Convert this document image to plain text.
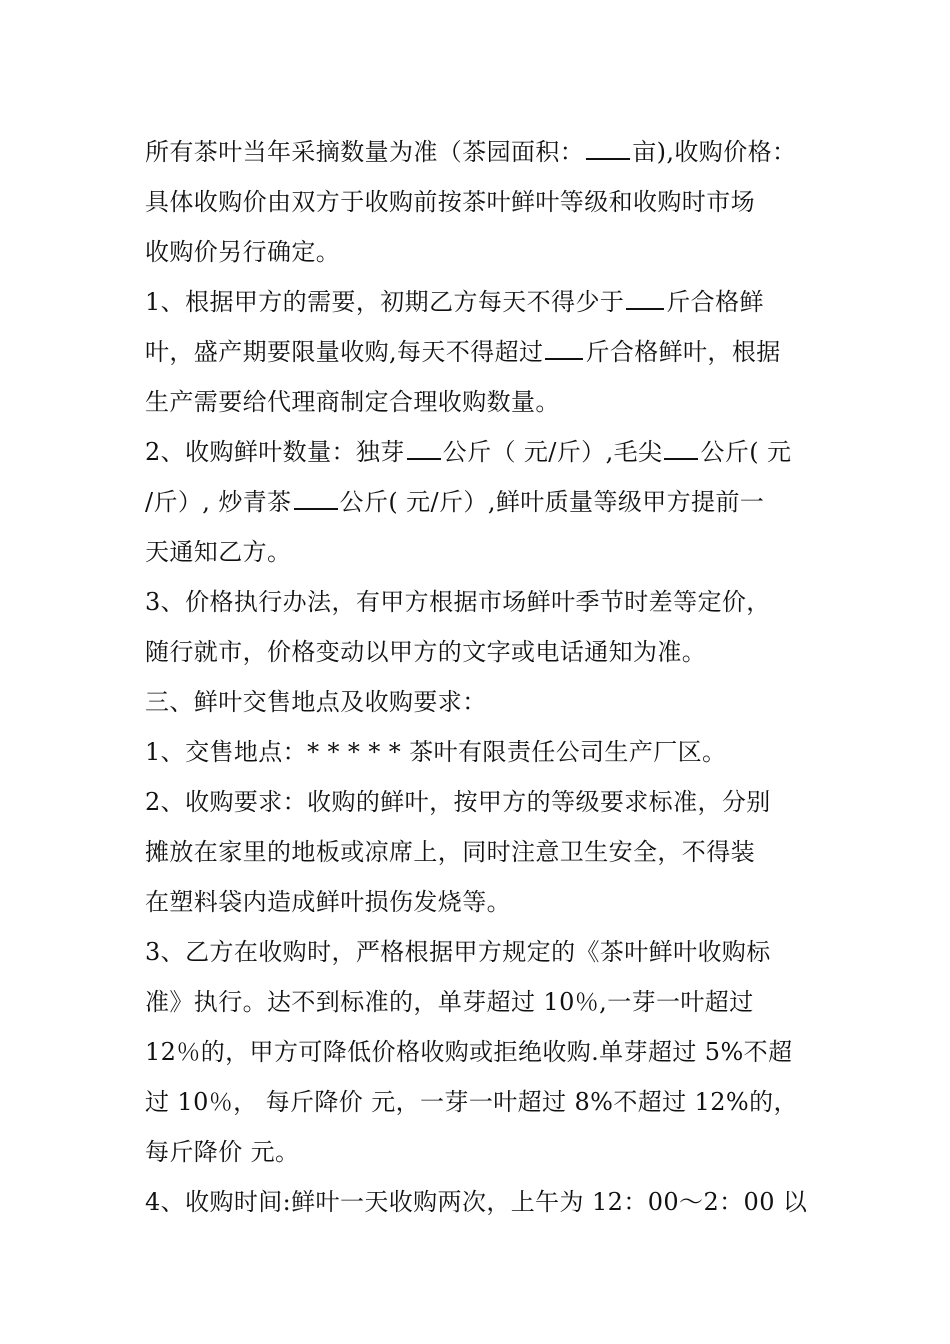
所有茶叶当年采摘数量为准（茶园面积： 亩),收购价格：
具体收购价由双方于收购前按茶叶鲜叶等级和收购时市场
收购价另行确定。
1、根据甲方的需要，初期乙方每天不得少于 斤合格鲜
叶，盛产期要限量收购,每天不得超过 斤合格鲜叶，根据
生产需要给代理商制定合理收购数量。
2、收购鲜叶数量：独芽 公斤（ 元/斤）,毛尖 公斤( 元
/斤）, 炒青茶 公斤( 元/斤）,鲜叶质量等级甲方提前一
天通知乙方。
3、价格执行办法，有甲方根据市场鲜叶季节时差等定价，
随行就市，价格变动以甲方的文字或电话通知为准。
三、鲜叶交售地点及收购要求：
1、交售地点：* * * * * 茶叶有限责任公司生产厂区。
2、收购要求：收购的鲜叶，按甲方的等级要求标准，分别
摊放在家里的地板或凉席上，同时注意卫生安全，不得装
在塑料袋内造成鲜叶损伤发烧等。
3、乙方在收购时，严格根据甲方规定的《茶叶鲜叶收购标
准》执行。达不到标准的，单芽超过 10％,一芽一叶超过
12％的，甲方可降低价格收购或拒绝收购.单芽超过 5%不超
过 10％， 每斤降价 元，一芽一叶超过 8%不超过 12%的，
每斤降价 元。
4、收购时间:鲜叶一天收购两次，上午为 12：00～2：00 以
